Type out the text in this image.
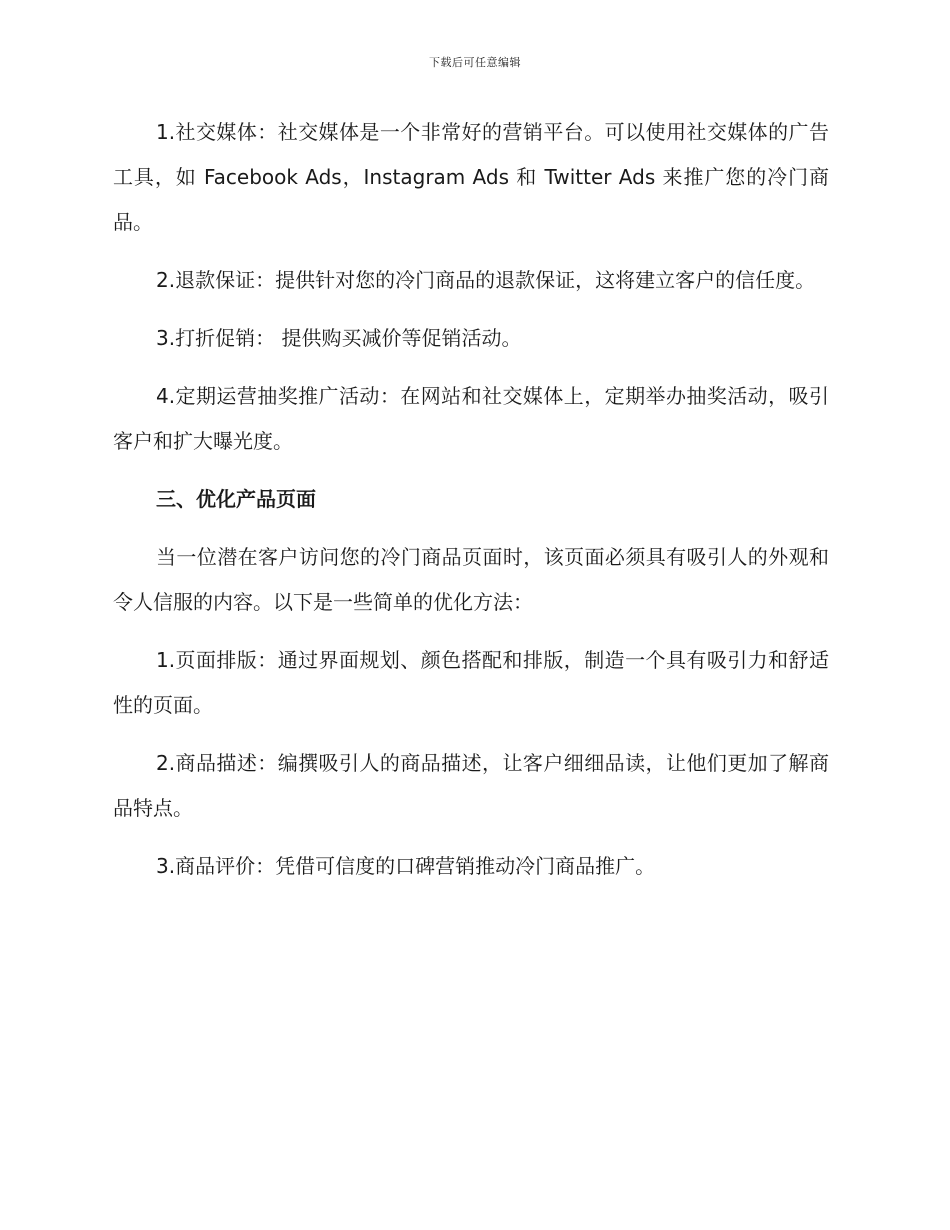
下载后可任意编辑

1.社交媒体：社交媒体是一个非常好的营销平台。可以使用社交媒体的广告工具，如 Facebook Ads，Instagram Ads 和 Twitter Ads 来推广您的冷门商品。

2.退款保证：提供针对您的冷门商品的退款保证，这将建立客户的信任度。

3.打折促销： 提供购买减价等促销活动。

4.定期运营抽奖推广活动：在网站和社交媒体上，定期举办抽奖活动，吸引客户和扩大曝光度。

三、优化产品页面

当一位潜在客户访问您的冷门商品页面时，该页面必须具有吸引人的外观和令人信服的内容。以下是一些简单的优化方法：

1.页面排版：通过界面规划、颜色搭配和排版，制造一个具有吸引力和舒适性的页面。

2.商品描述：编撰吸引人的商品描述，让客户细细品读，让他们更加了解商品特点。

3.商品评价：凭借可信度的口碑营销推动冷门商品推广。
